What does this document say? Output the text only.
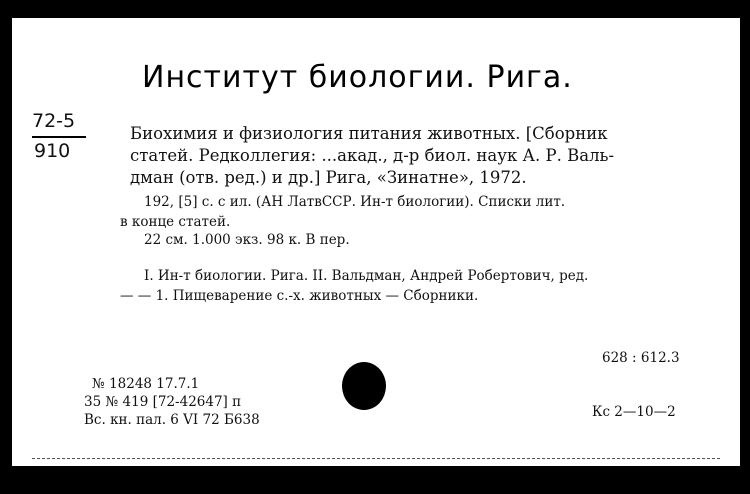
Институт биологии. Рига.
72-5
910
Биохимия и физиология питания животных. [Сборник
статей. Редколлегия: ...акад., д-р биол. наук А. Р. Валь-
дман (отв. ред.) и др.] Рига, «Зинатне», 1972.
192, [5] с. с ил. (АН ЛатвССР. Ин-т биологии). Списки лит.
в конце статей.
22 см. 1.000 экз. 98 к. В пер.
I. Ин-т биологии. Рига. II. Вальдман, Андрей Робертович, ред.
— — 1. Пищеварение с.-х. животных — Сборники.
628 : 612.3
№ 18248 17.7.1
35 № 419 [72-42647] п
Вс. кн. пал. 6 VI 72 Б638	Кс 2—10—2
